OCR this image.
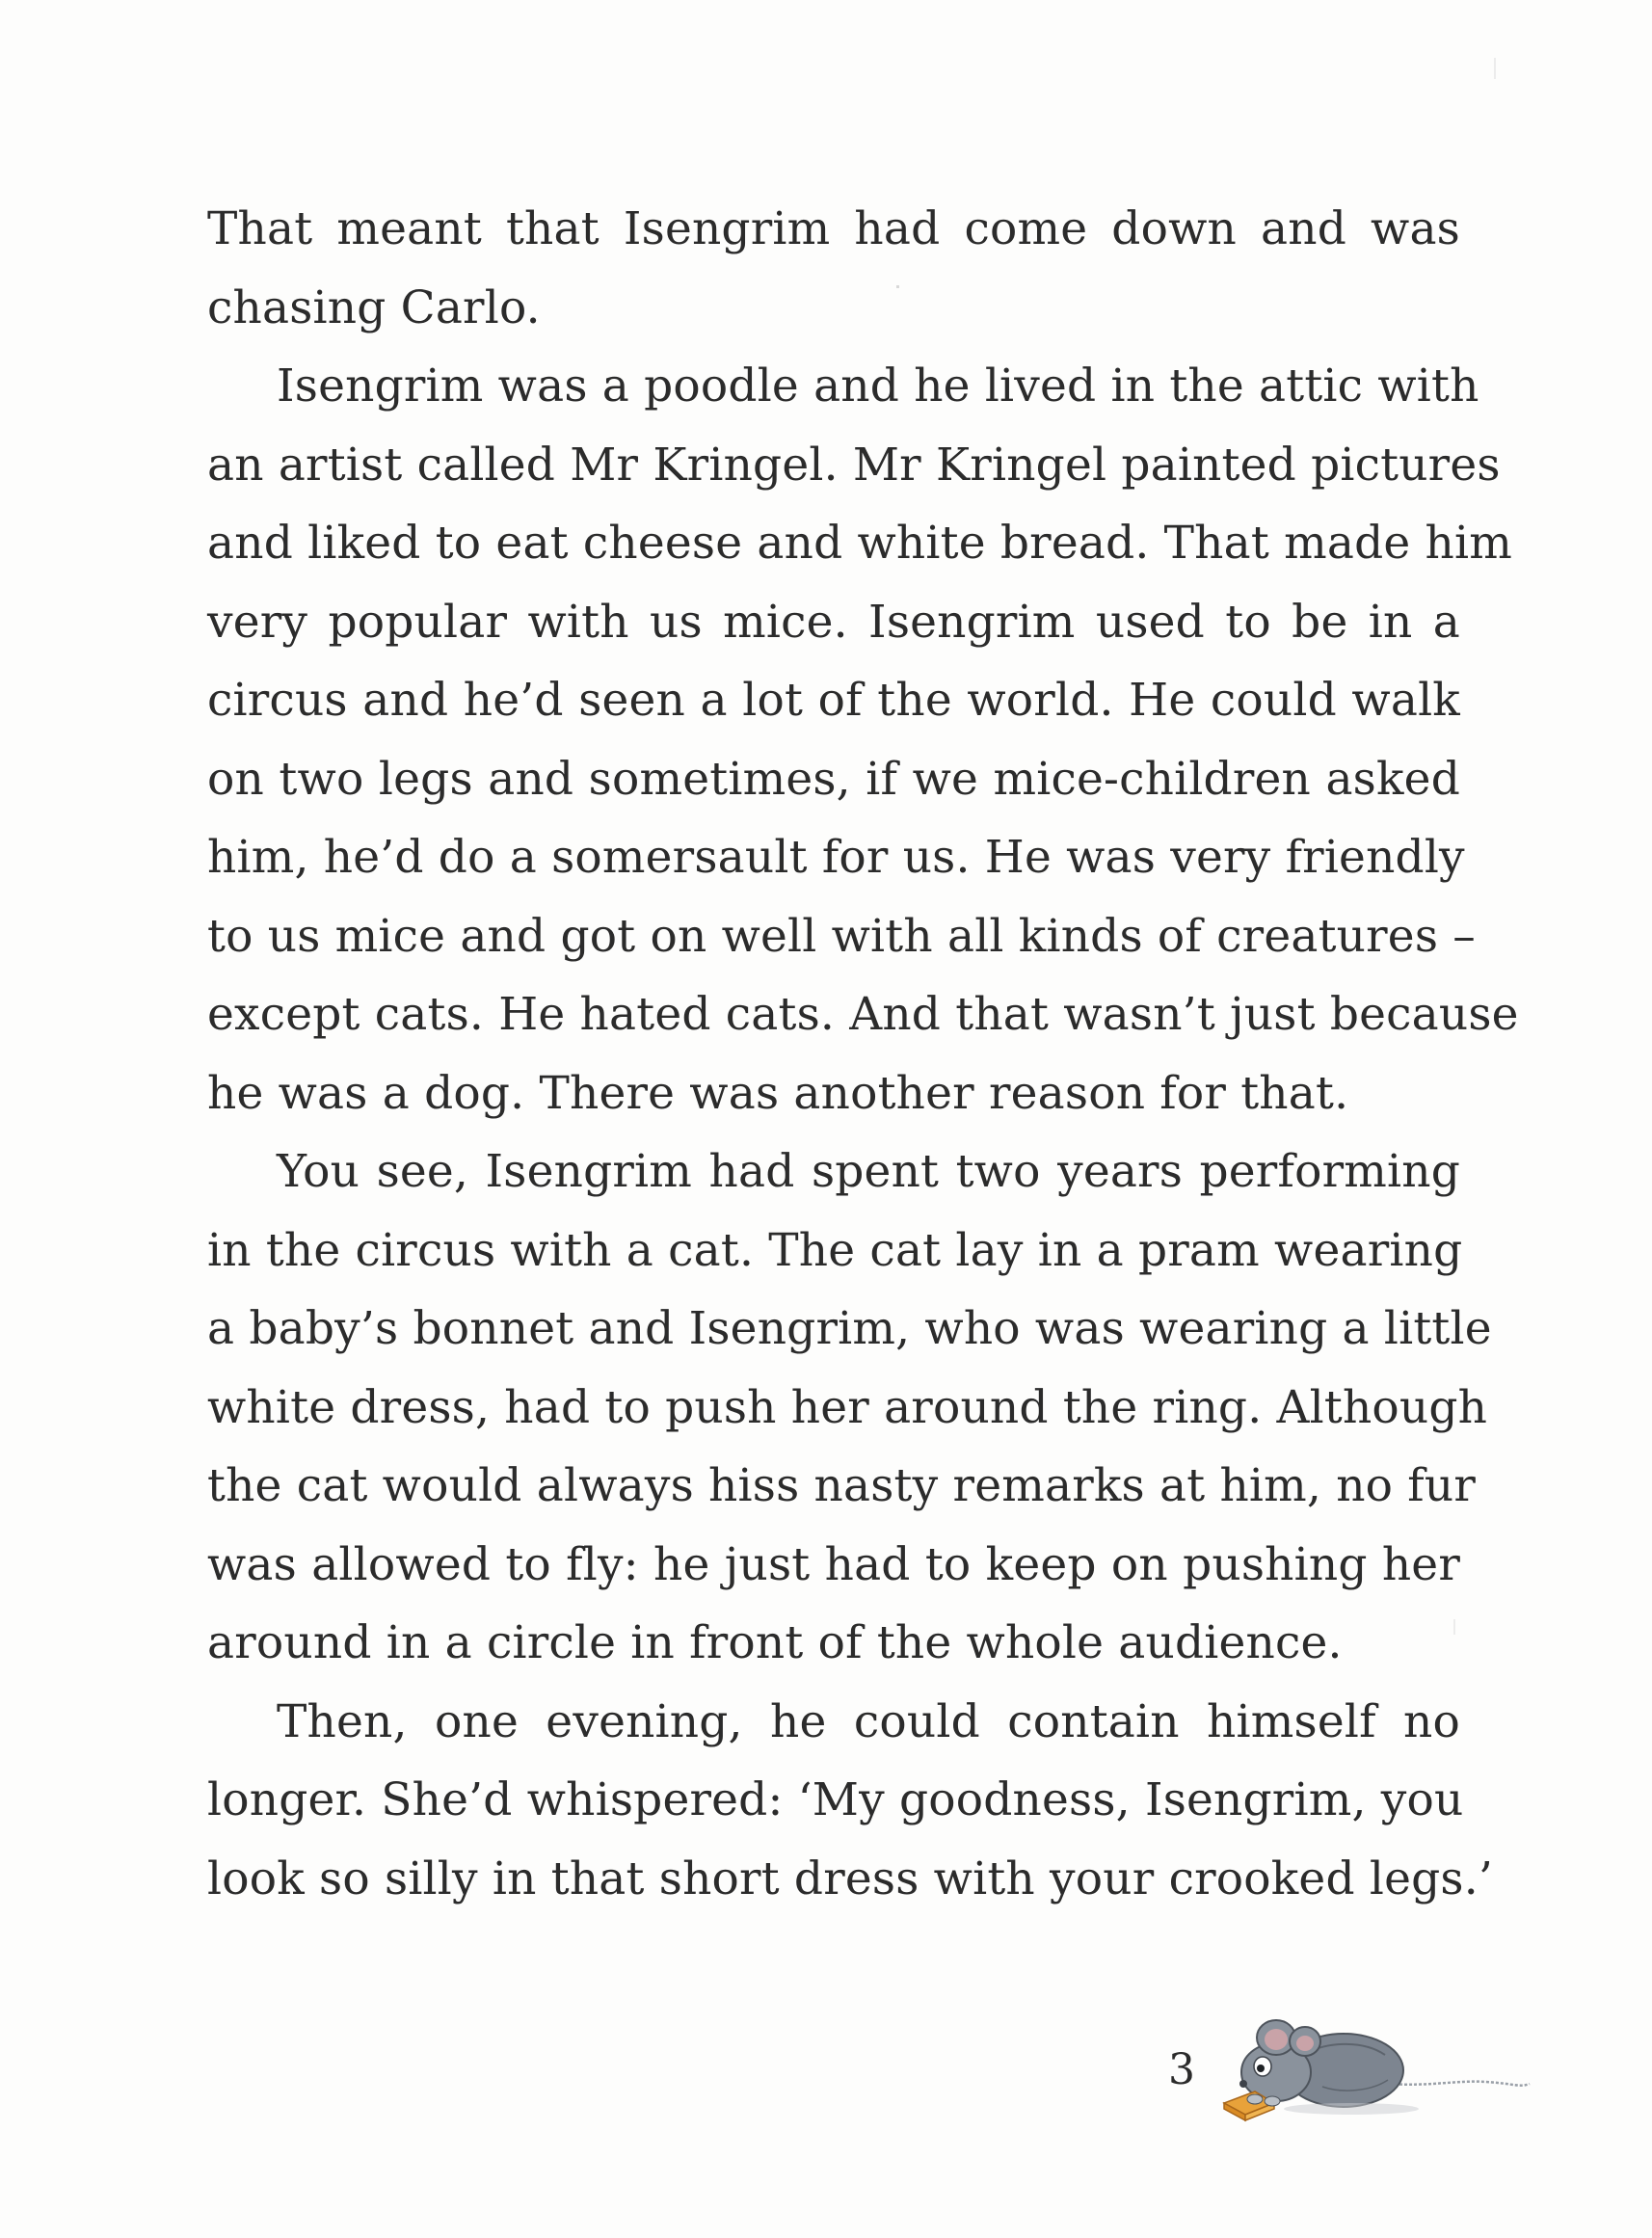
That meant that Isengrim had come down and was
chasing Carlo.
Isengrim was a poodle and he lived in the attic with
an artist called Mr Kringel. Mr Kringel painted pictures
and liked to eat cheese and white bread. That made him
very popular with us mice. Isengrim used to be in a
circus and he’d seen a lot of the world. He could walk
on two legs and sometimes, if we mice-children asked
him, he’d do a somersault for us. He was very friendly
to us mice and got on well with all kinds of creatures –
except cats. He hated cats. And that wasn’t just because
he was a dog. There was another reason for that.
You see, Isengrim had spent two years performing
in the circus with a cat. The cat lay in a pram wearing
a baby’s bonnet and Isengrim, who was wearing a little
white dress, had to push her around the ring. Although
the cat would always hiss nasty remarks at him, no fur
was allowed to fly: he just had to keep on pushing her
around in a circle in front of the whole audience.
Then, one evening, he could contain himself no
longer. She’d whispered: ‘My goodness, Isengrim, you
look so silly in that short dress with your crooked legs.’
3
